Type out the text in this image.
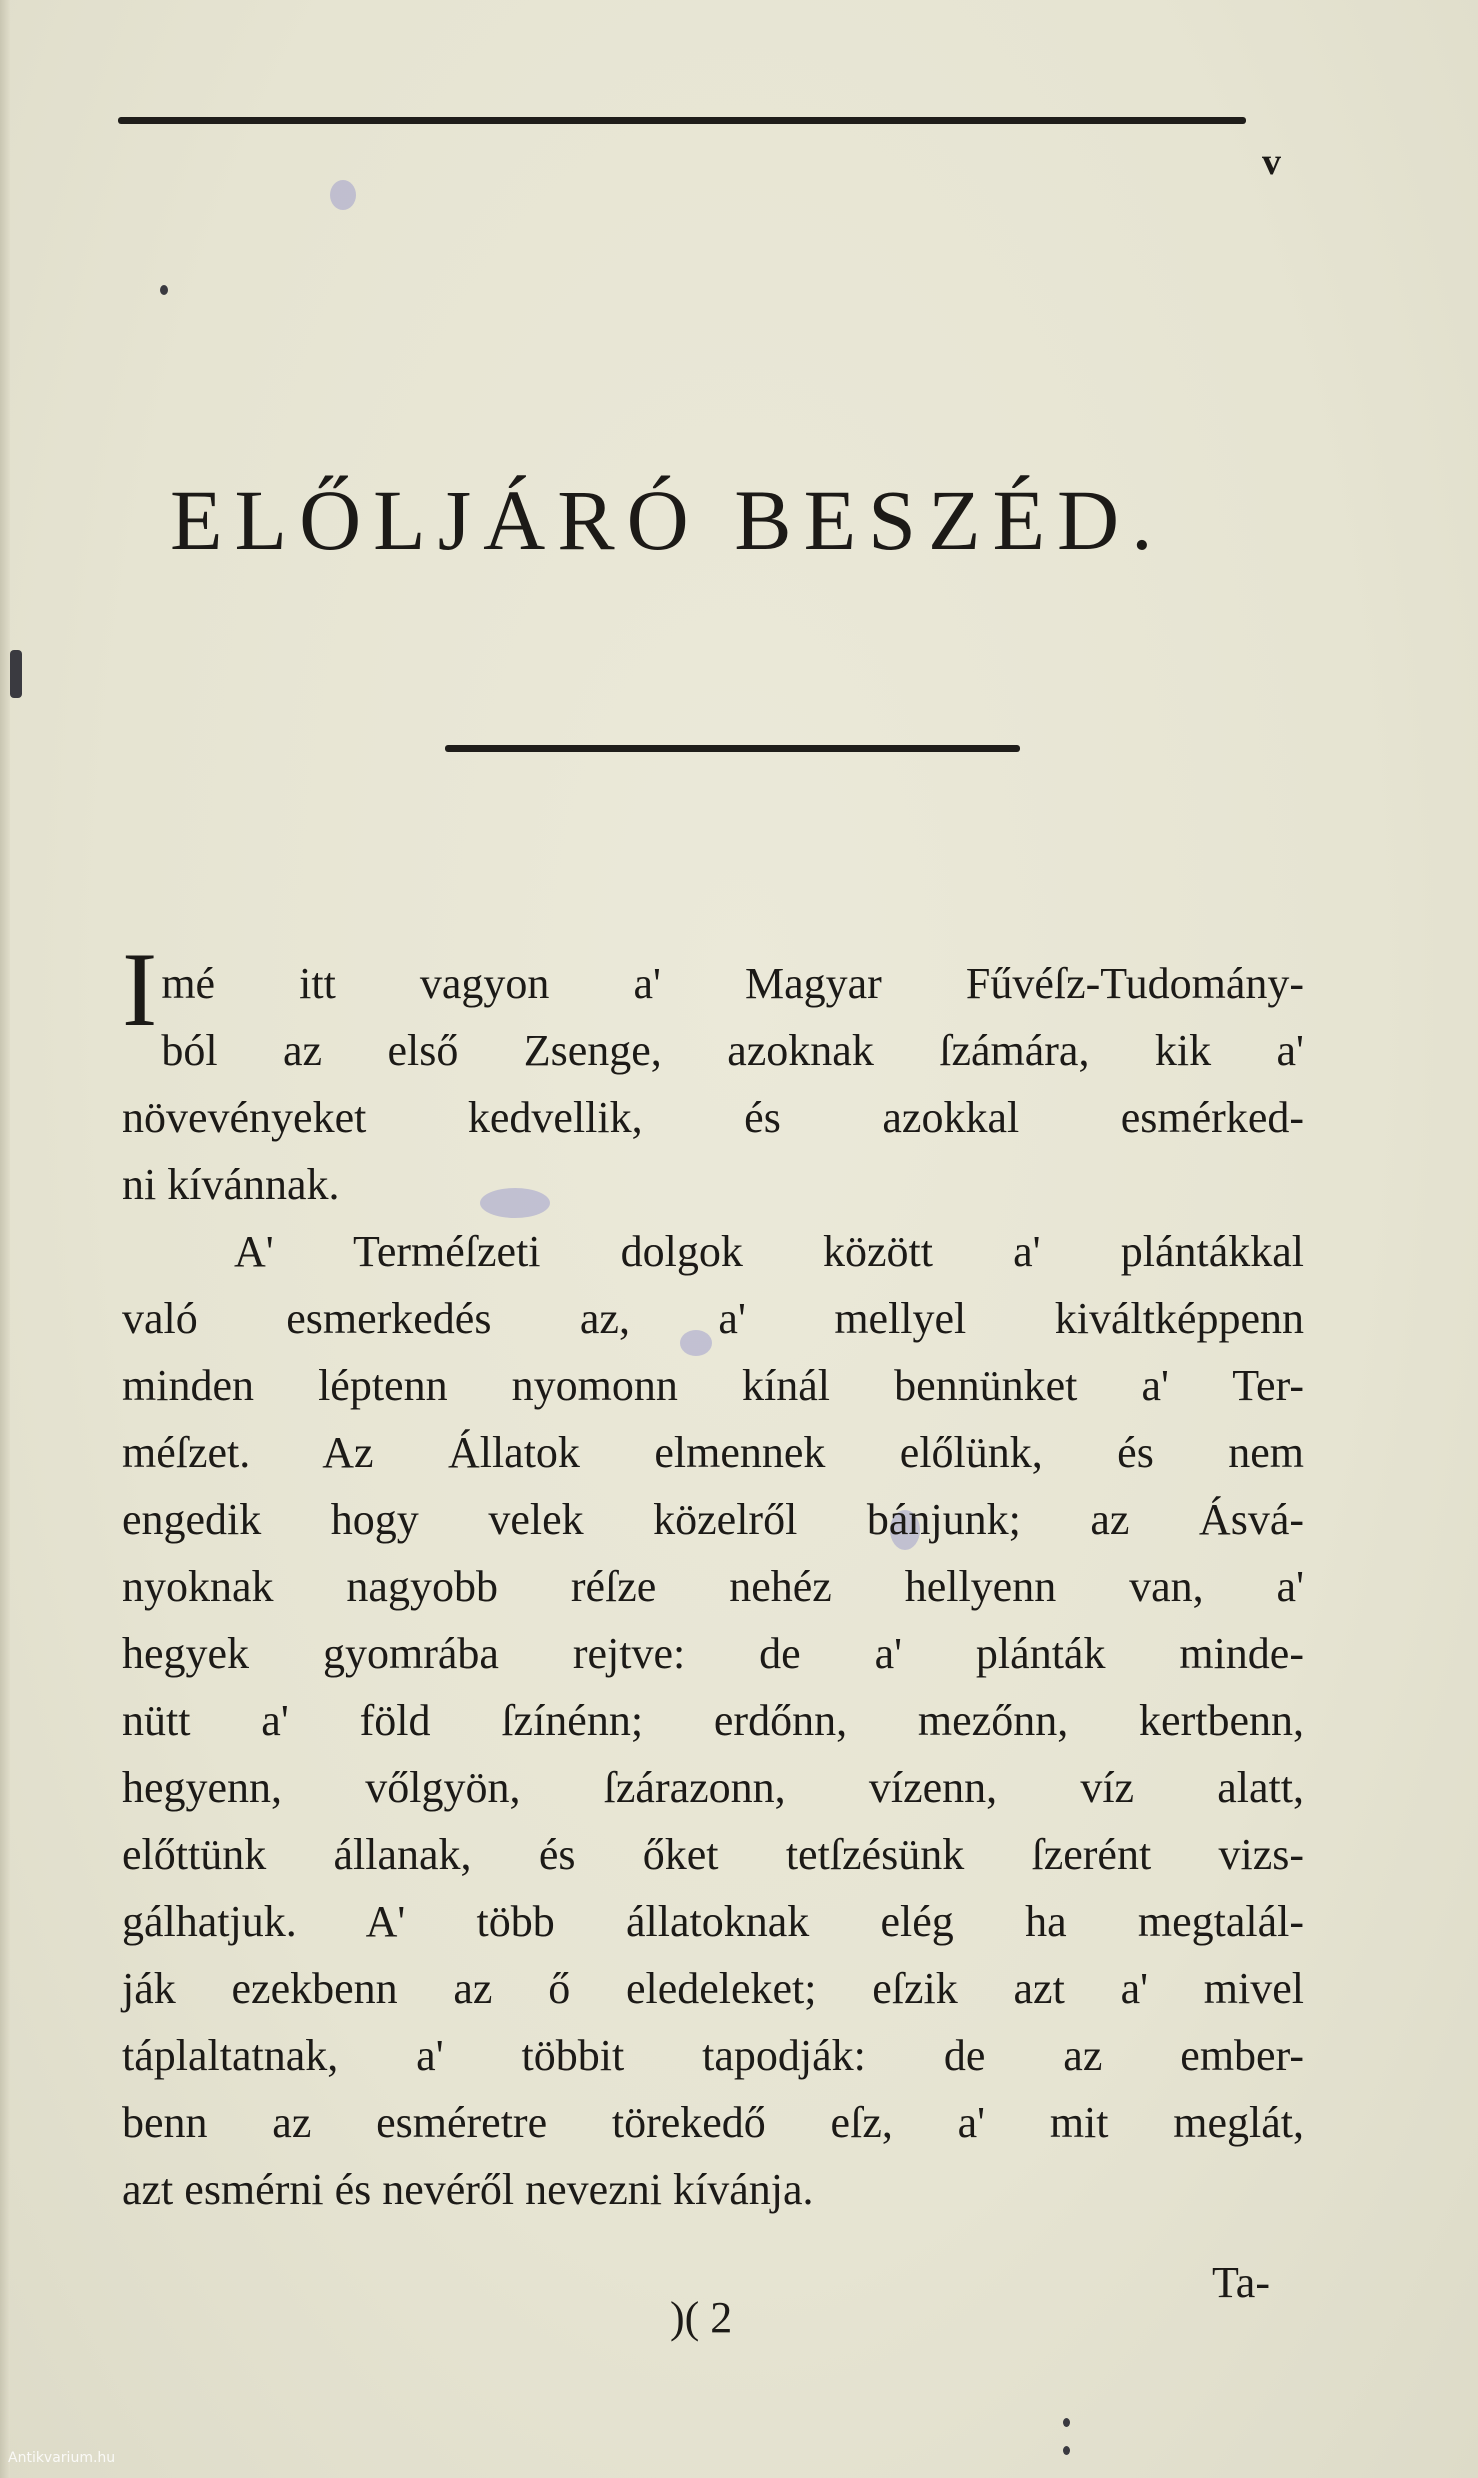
v
ELŐLJÁRÓ BESZÉD.
Imé itt vagyon a' Magyar Fűvéſz-Tudomány-
ból az első Zsenge, azoknak ſzámára, kik a'
növevényeket kedvellik, és azokkal esmérked-
ni kívánnak.
A' Terméſzeti dolgok között a' plántákkal
való esmerkedés az, a' mellyel kiváltképpenn
minden léptenn nyomonn kínál bennünket a' Ter-
méſzet. Az Állatok elmennek előlünk, és nem
engedik hogy velek közelről bánjunk; az Ásvá-
nyoknak nagyobb réſze nehéz hellyenn van, a'
hegyek gyomrába rejtve: de a' plánták minde-
nütt a' föld ſzínénn; erdőnn, mezőnn, kertbenn,
hegyenn, vőlgyön, ſzárazonn, vízenn, víz alatt,
előttünk állanak, és őket tetſzésünk ſzerént vizs-
gálhatjuk. A' több állatoknak elég ha megtalál-
ják ezekbenn az ő eledeleket; eſzik azt a' mivel
táplaltatnak, a' többit tapodják: de az ember-
benn az esméretre törekedő eſz, a' mit meglát,
azt esmérni és nevéről nevezni kívánja.
)( 2
Ta-
Antikvarium.hu
